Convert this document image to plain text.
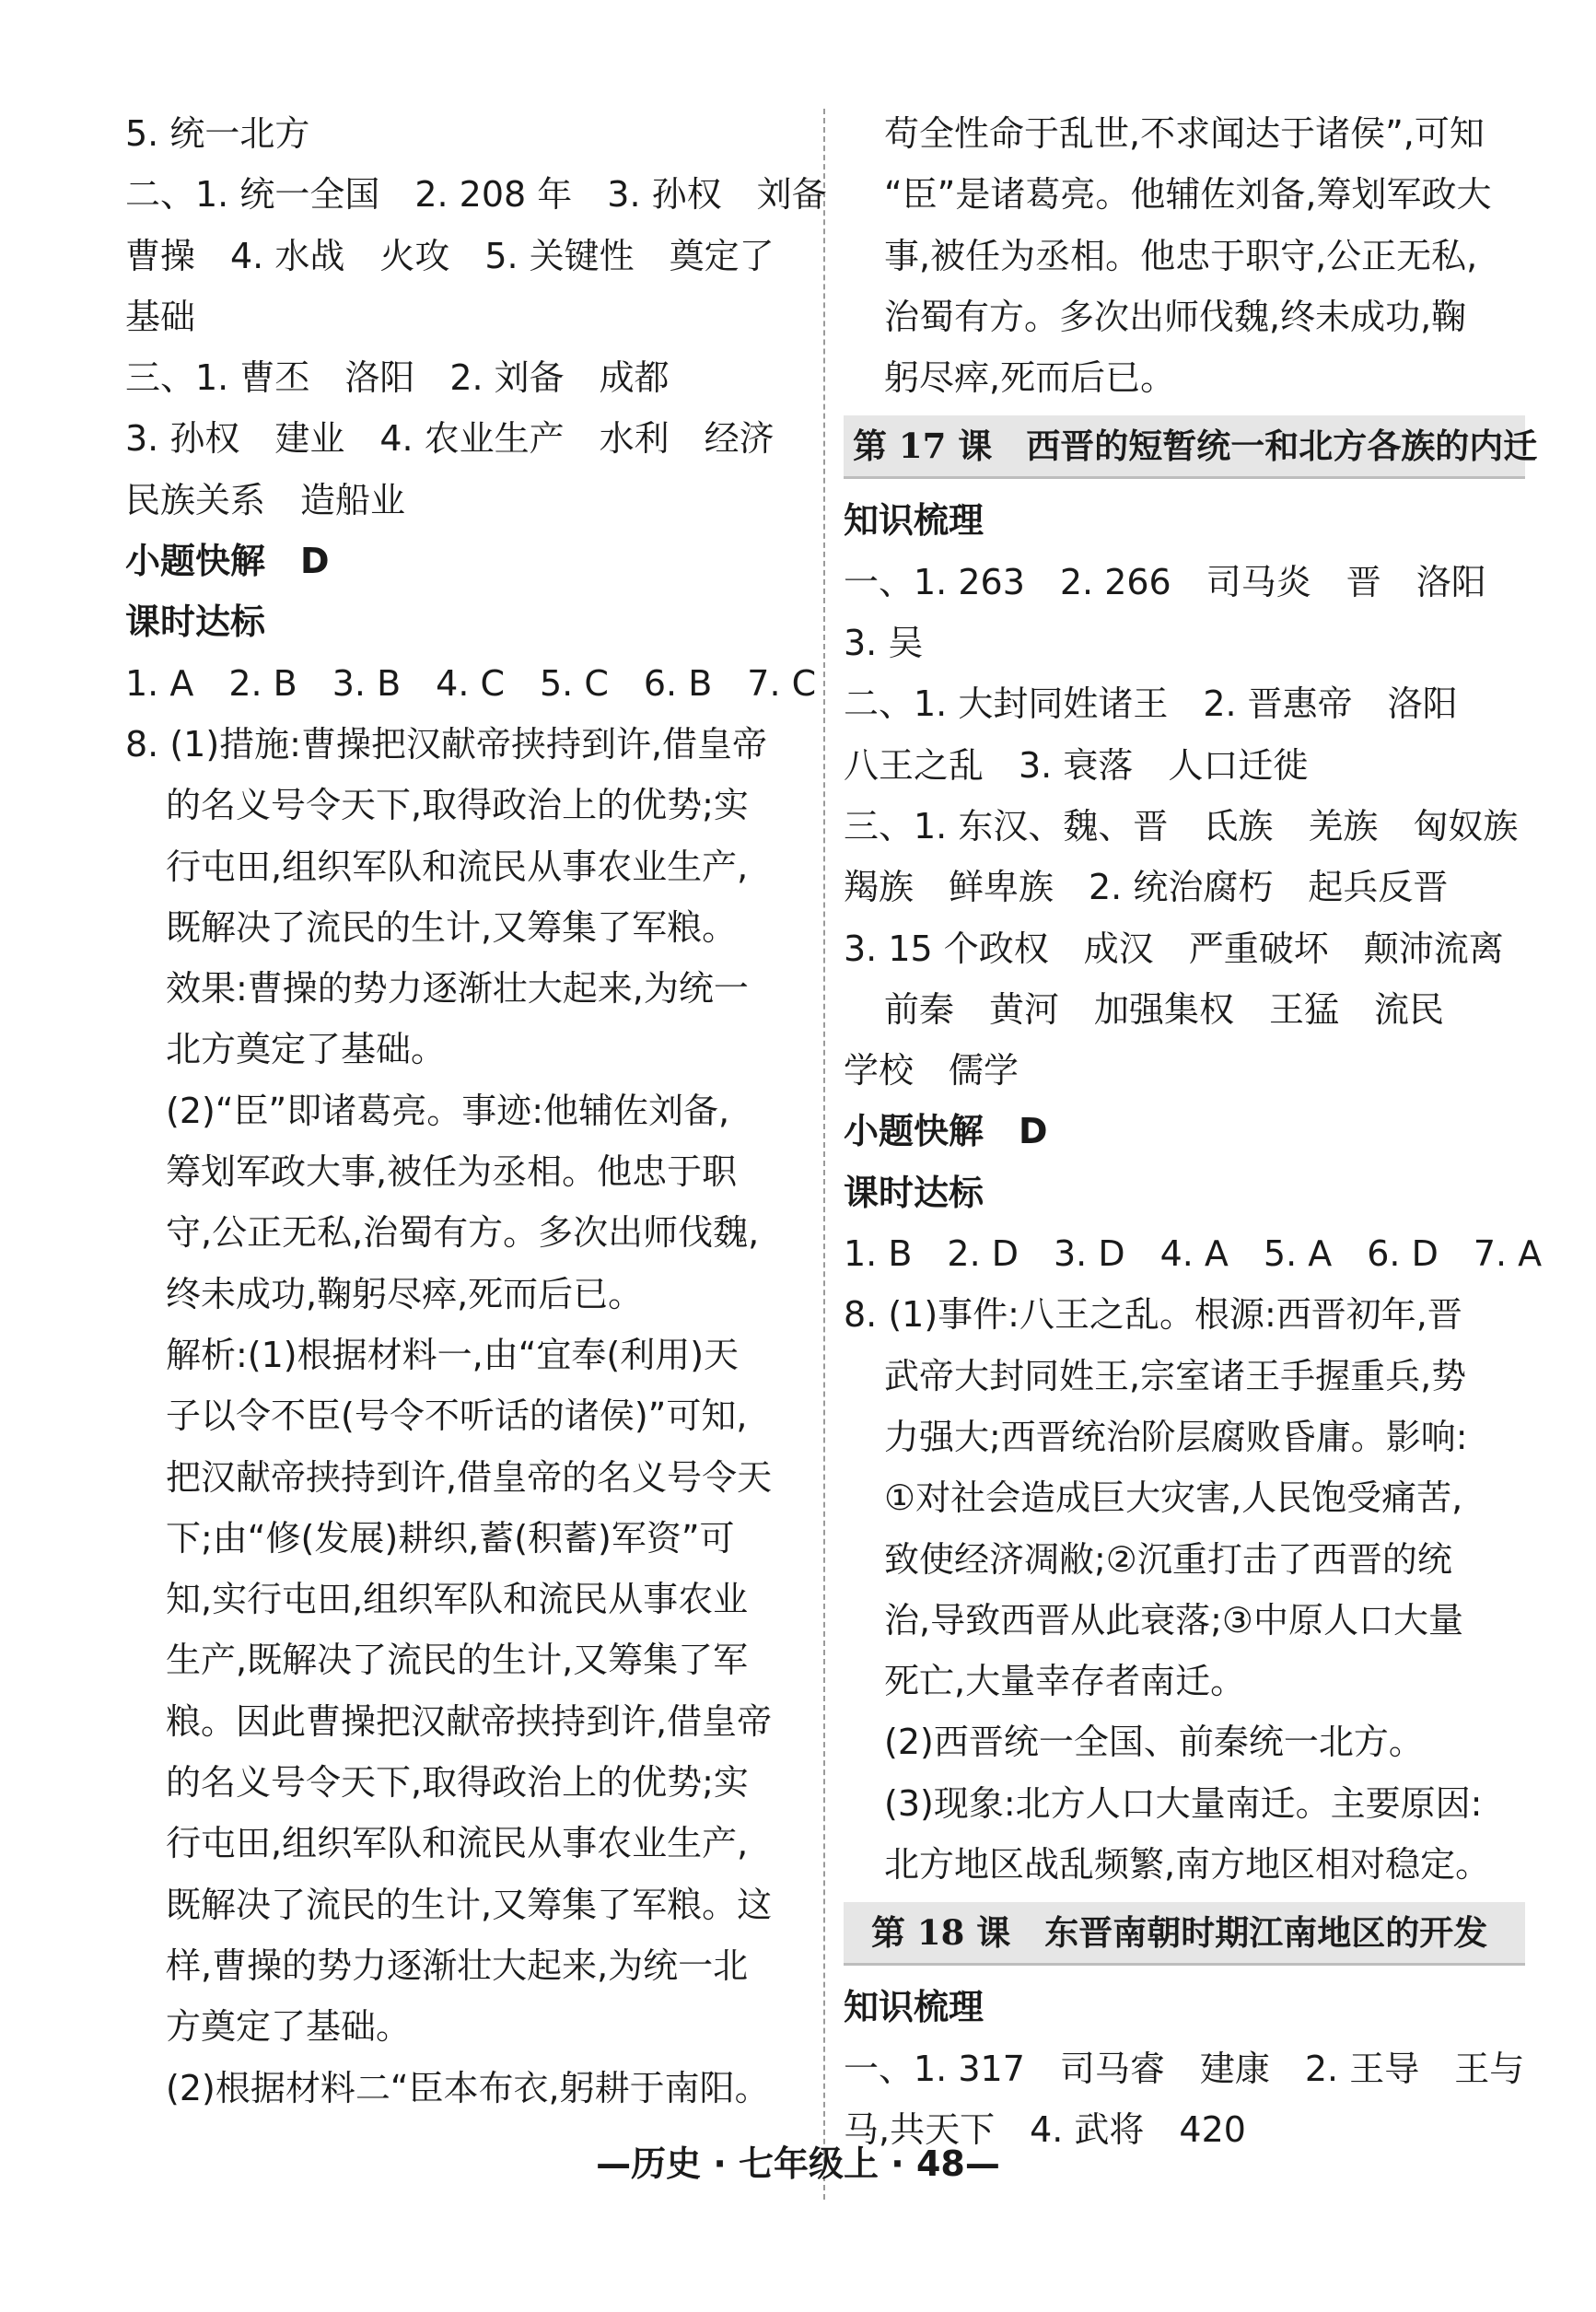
5. 统一北方
二、1. 统一全国　2. 208 年　3. 孙权　刘备
曹操　4. 水战　火攻　5. 关键性　奠定了
基础
三、1. 曹丕　洛阳　2. 刘备　成都
3. 孙权　建业　4. 农业生产　水利　经济
民族关系　造船业
小题快解　D
课时达标
1. A　2. B　3. B　4. C　5. C　6. B　7. C
8. (1)措施:曹操把汉献帝挟持到许,借皇帝
的名义号令天下,取得政治上的优势;实
行屯田,组织军队和流民从事农业生产,
既解决了流民的生计,又筹集了军粮。
效果:曹操的势力逐渐壮大起来,为统一
北方奠定了基础。
(2)“臣”即诸葛亮。事迹:他辅佐刘备,
筹划军政大事,被任为丞相。他忠于职
守,公正无私,治蜀有方。多次出师伐魏,
终未成功,鞠躬尽瘁,死而后已。
解析:(1)根据材料一,由“宜奉(利用)天
子以令不臣(号令不听话的诸侯)”可知,
把汉献帝挟持到许,借皇帝的名义号令天
下;由“修(发展)耕织,蓄(积蓄)军资”可
知,实行屯田,组织军队和流民从事农业
生产,既解决了流民的生计,又筹集了军
粮。因此曹操把汉献帝挟持到许,借皇帝
的名义号令天下,取得政治上的优势;实
行屯田,组织军队和流民从事农业生产,
既解决了流民的生计,又筹集了军粮。这
样,曹操的势力逐渐壮大起来,为统一北
方奠定了基础。
(2)根据材料二“臣本布衣,躬耕于南阳。
苟全性命于乱世,不求闻达于诸侯”,可知
“臣”是诸葛亮。他辅佐刘备,筹划军政大
事,被任为丞相。他忠于职守,公正无私,
治蜀有方。多次出师伐魏,终未成功,鞠
躬尽瘁,死而后已。
第 17 课　西晋的短暂统一和北方各族的内迁
知识梳理
一、1. 263　2. 266　司马炎　晋　洛阳
3. 吴
二、1. 大封同姓诸王　2. 晋惠帝　洛阳
八王之乱　3. 衰落　人口迁徙
三、1. 东汉、魏、晋　氐族　羌族　匈奴族
羯族　鲜卑族　2. 统治腐朽　起兵反晋
3. 15 个政权　成汉　严重破坏　颠沛流离
前秦　黄河　加强集权　王猛　流民
学校　儒学
小题快解　D
课时达标
1. B　2. D　3. D　4. A　5. A　6. D　7. A
8. (1)事件:八王之乱。根源:西晋初年,晋
武帝大封同姓王,宗室诸王手握重兵,势
力强大;西晋统治阶层腐败昏庸。影响:
①对社会造成巨大灾害,人民饱受痛苦,
致使经济凋敝;②沉重打击了西晋的统
治,导致西晋从此衰落;③中原人口大量
死亡,大量幸存者南迁。
(2)西晋统一全国、前秦统一北方。
(3)现象:北方人口大量南迁。主要原因:
北方地区战乱频繁,南方地区相对稳定。
第 18 课　东晋南朝时期江南地区的开发
知识梳理
一、1. 317　司马睿　建康　2. 王导　王与
马,共天下　4. 武将　420
—历史 · 七年级上 · 48—
